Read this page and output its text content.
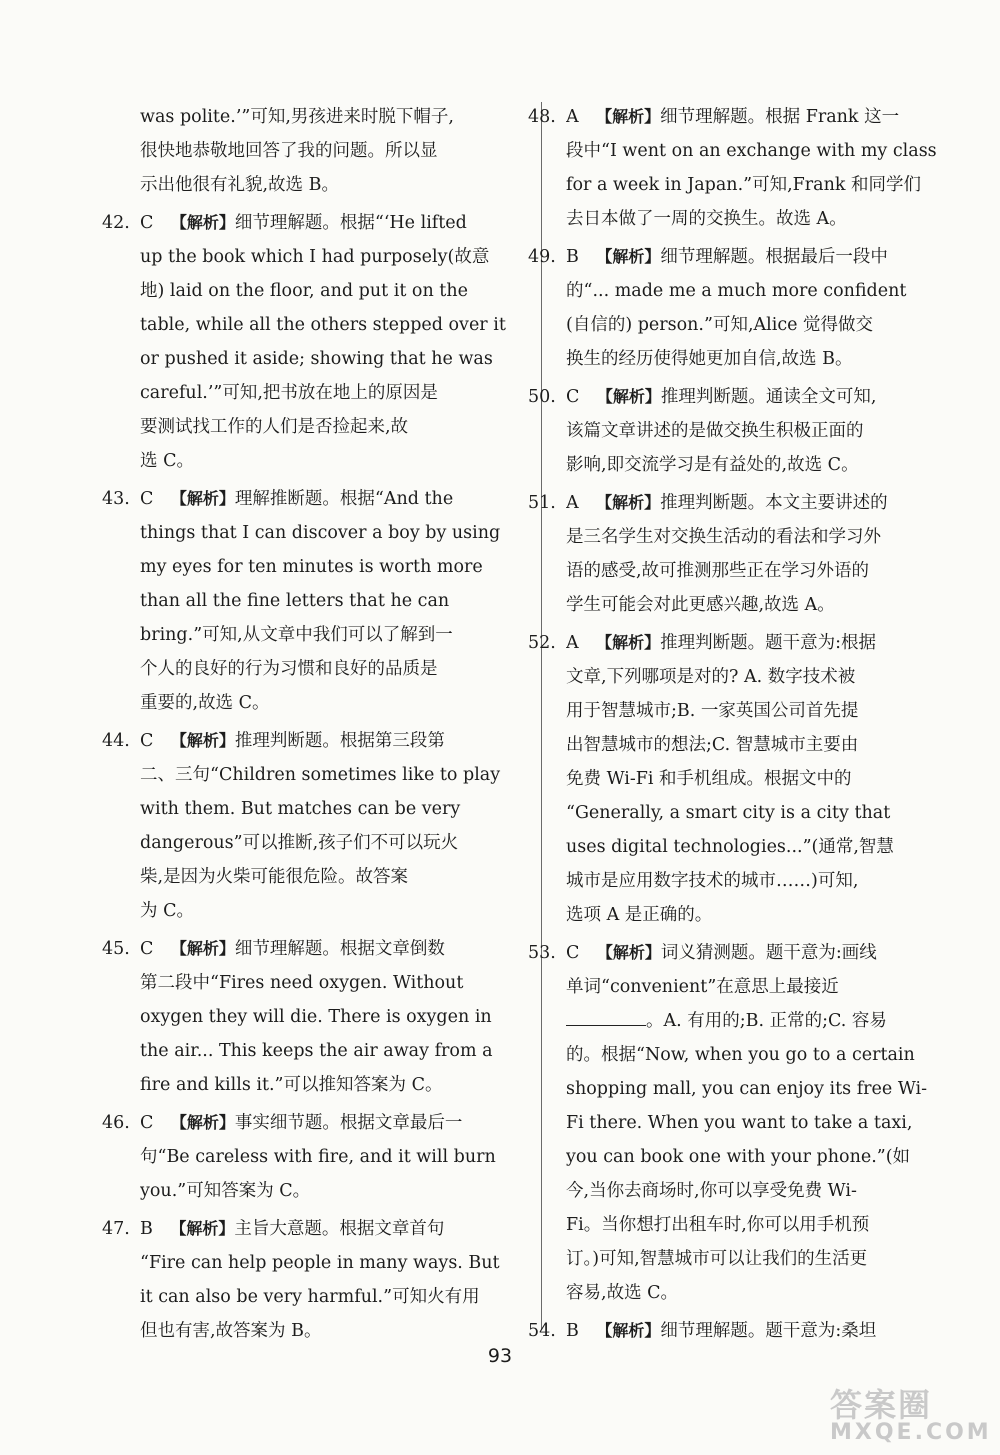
was polite.’”可知,男孩进来时脱下帽子,
很快地恭敬地回答了我的问题。所以显
示出他很有礼貌,故选 B。
42. C  【解析】细节理解题。根据“‘He lifted
up the book which I had purposely(故意
地) laid on the floor, and put it on the
table, while all the others stepped over it
or pushed it aside; showing that he was
careful.’”可知,把书放在地上的原因是
要测试找工作的人们是否捡起来,故
选 C。
43. C  【解析】理解推断题。根据“And the
things that I can discover a boy by using
my eyes for ten minutes is worth more
than all the fine letters that he can
bring.”可知,从文章中我们可以了解到一
个人的良好的行为习惯和良好的品质是
重要的,故选 C。
44. C  【解析】推理判断题。根据第三段第
二、三句“Children sometimes like to play
with them. But matches can be very
dangerous”可以推断,孩子们不可以玩火
柴,是因为火柴可能很危险。故答案
为 C。
45. C  【解析】细节理解题。根据文章倒数
第二段中“Fires need oxygen. Without
oxygen they will die. There is oxygen in
the air... This keeps the air away from a
fire and kills it.”可以推知答案为 C。
46. C  【解析】事实细节题。根据文章最后一
句“Be careless with fire, and it will burn
you.”可知答案为 C。
47. B  【解析】主旨大意题。根据文章首句
“Fire can help people in many ways. But
it can also be very harmful.”可知火有用
但也有害,故答案为 B。
48. A  【解析】细节理解题。根据 Frank 这一
段中“I went on an exchange with my class
for a week in Japan.”可知,Frank 和同学们
去日本做了一周的交换生。故选 A。
49. B  【解析】细节理解题。根据最后一段中
的“... made me a much more confident
(自信的) person.”可知,Alice 觉得做交
换生的经历使得她更加自信,故选 B。
50. C  【解析】推理判断题。通读全文可知,
该篇文章讲述的是做交换生积极正面的
影响,即交流学习是有益处的,故选 C。
51. A  【解析】推理判断题。本文主要讲述的
是三名学生对交换生活动的看法和学习外
语的感受,故可推测那些正在学习外语的
学生可能会对此更感兴趣,故选 A。
52. A  【解析】推理判断题。题干意为:根据
文章,下列哪项是对的? A. 数字技术被
用于智慧城市;B. 一家英国公司首先提
出智慧城市的想法;C. 智慧城市主要由
免费 Wi-Fi 和手机组成。根据文中的
“Generally, a smart city is a city that
uses digital technologies...”(通常,智慧
城市是应用数字技术的城市……)可知,
选项 A 是正确的。
53. C  【解析】词义猜测题。题干意为:画线
单词“convenient”在意思上最接近
。A. 有用的;B. 正常的;C. 容易
的。根据“Now, when you go to a certain
shopping mall, you can enjoy its free Wi-
Fi there. When you want to take a taxi,
you can book one with your phone.”(如
今,当你去商场时,你可以享受免费 Wi-
Fi。当你想打出租车时,你可以用手机预
订。)可知,智慧城市可以让我们的生活更
容易,故选 C。
54. B  【解析】细节理解题。题干意为:桑坦
93
答案圈
MXQE.COM
